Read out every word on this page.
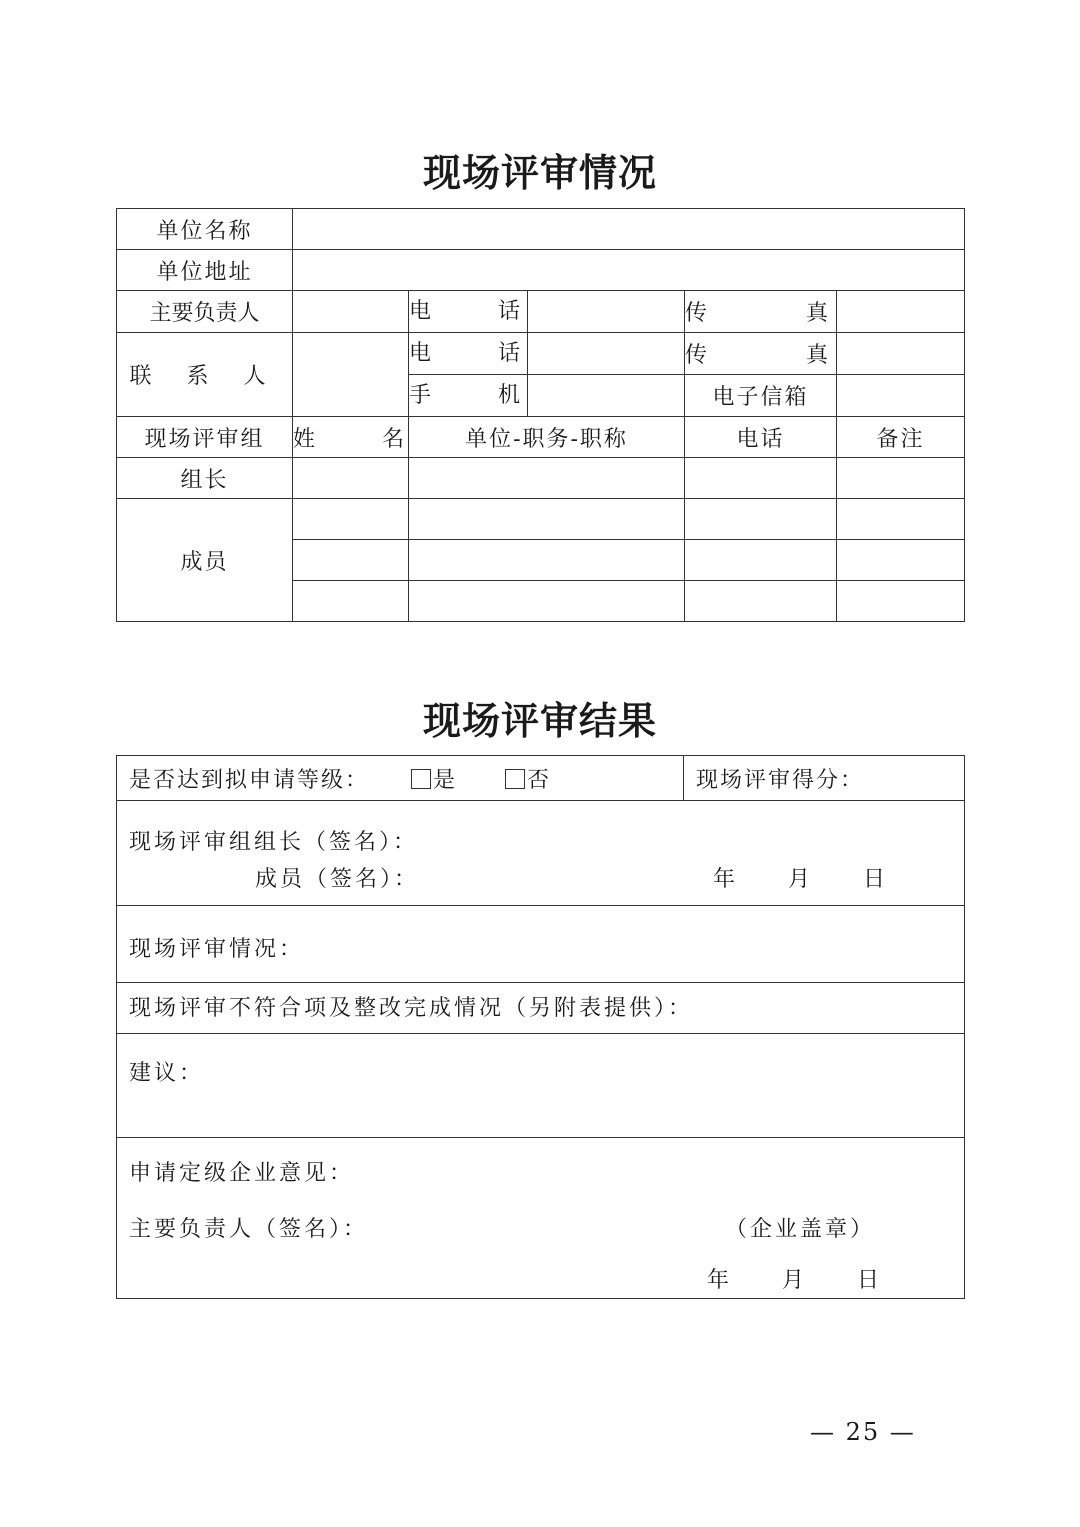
现场评审情况
单位名称				
单位地址				
主要负责人		电 话	传 真	
联 系 人		电 话	传 真	

		手 机	电子信箱	
现场评审组	姓 名	单位-职务-职称	电话	备注
组长				
成员				

现场评审结果
是否达到拟申请等级：	是	否	现场评审得分：

现场评审组组长（签名）：
成员（签名）：	年　　月　　日

现场评审情况：

现场评审不符合项及整改完成情况（另附表提供）：

建议：

申请定级企业意见：
主要负责人（签名）：	（企业盖章）
年　　月　　日
— 25 —
